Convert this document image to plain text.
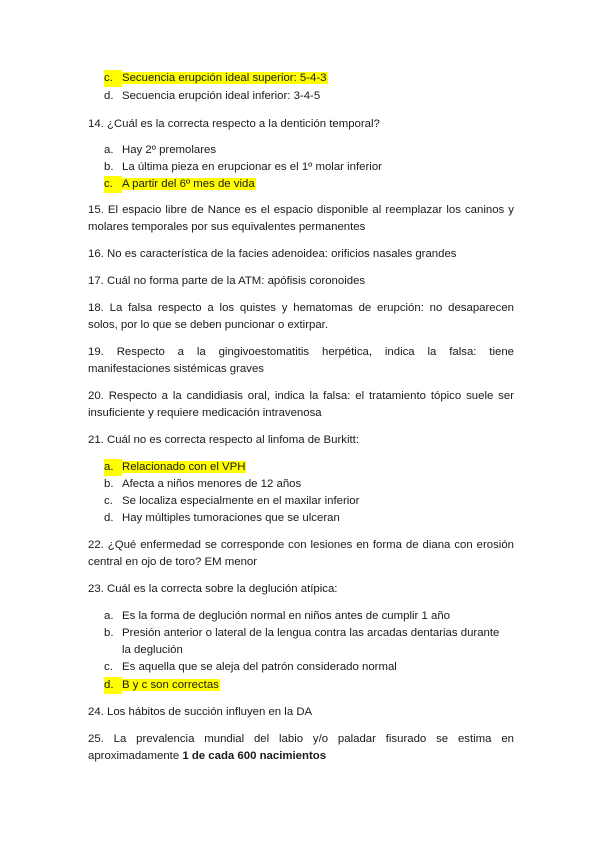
c. Secuencia erupción ideal superior: 5-4-3
d. Secuencia erupción ideal inferior: 3-4-5
14. ¿Cuál es la correcta respecto a la dentición temporal?
a. Hay 2º premolares
b. La última pieza en erupcionar es el 1º molar inferior
c. A partir del 6º mes de vida
15. El espacio libre de Nance es el espacio disponible al reemplazar los caninos y
molares temporales por sus equivalentes permanentes
16. No es característica de la facies adenoidea: orificios nasales grandes
17. Cuál no forma parte de la ATM: apófisis coronoides
18. La falsa respecto a los quistes y hematomas de erupción: no desaparecen
solos, por lo que se deben puncionar o extirpar.
19. Respecto a la gingivoestomatitis herpética, indica la falsa: tiene
manifestaciones sistémicas graves
20. Respecto a la candidiasis oral, indica la falsa: el tratamiento tópico suele ser
insuficiente y requiere medicación intravenosa
21. Cuál no es correcta respecto al linfoma de Burkitt:
a. Relacionado con el VPH
b. Afecta a niños menores de 12 años
c. Se localiza especialmente en el maxilar inferior
d. Hay múltiples tumoraciones que se ulceran
22. ¿Qué enfermedad se corresponde con lesiones en forma de diana con erosión
central en ojo de toro? EM menor
23. Cuál es la correcta sobre la deglución atípica:
a. Es la forma de deglución normal en niños antes de cumplir 1 año
b. Presión anterior o lateral de la lengua contra las arcadas dentarias durante
la deglución
c. Es aquella que se aleja del patrón considerado normal
d. B y c son correctas
24. Los hábitos de succión influyen en la DA
25. La prevalencia mundial del labio y/o paladar fisurado se estima en
aproximadamente 1 de cada 600 nacimientos
